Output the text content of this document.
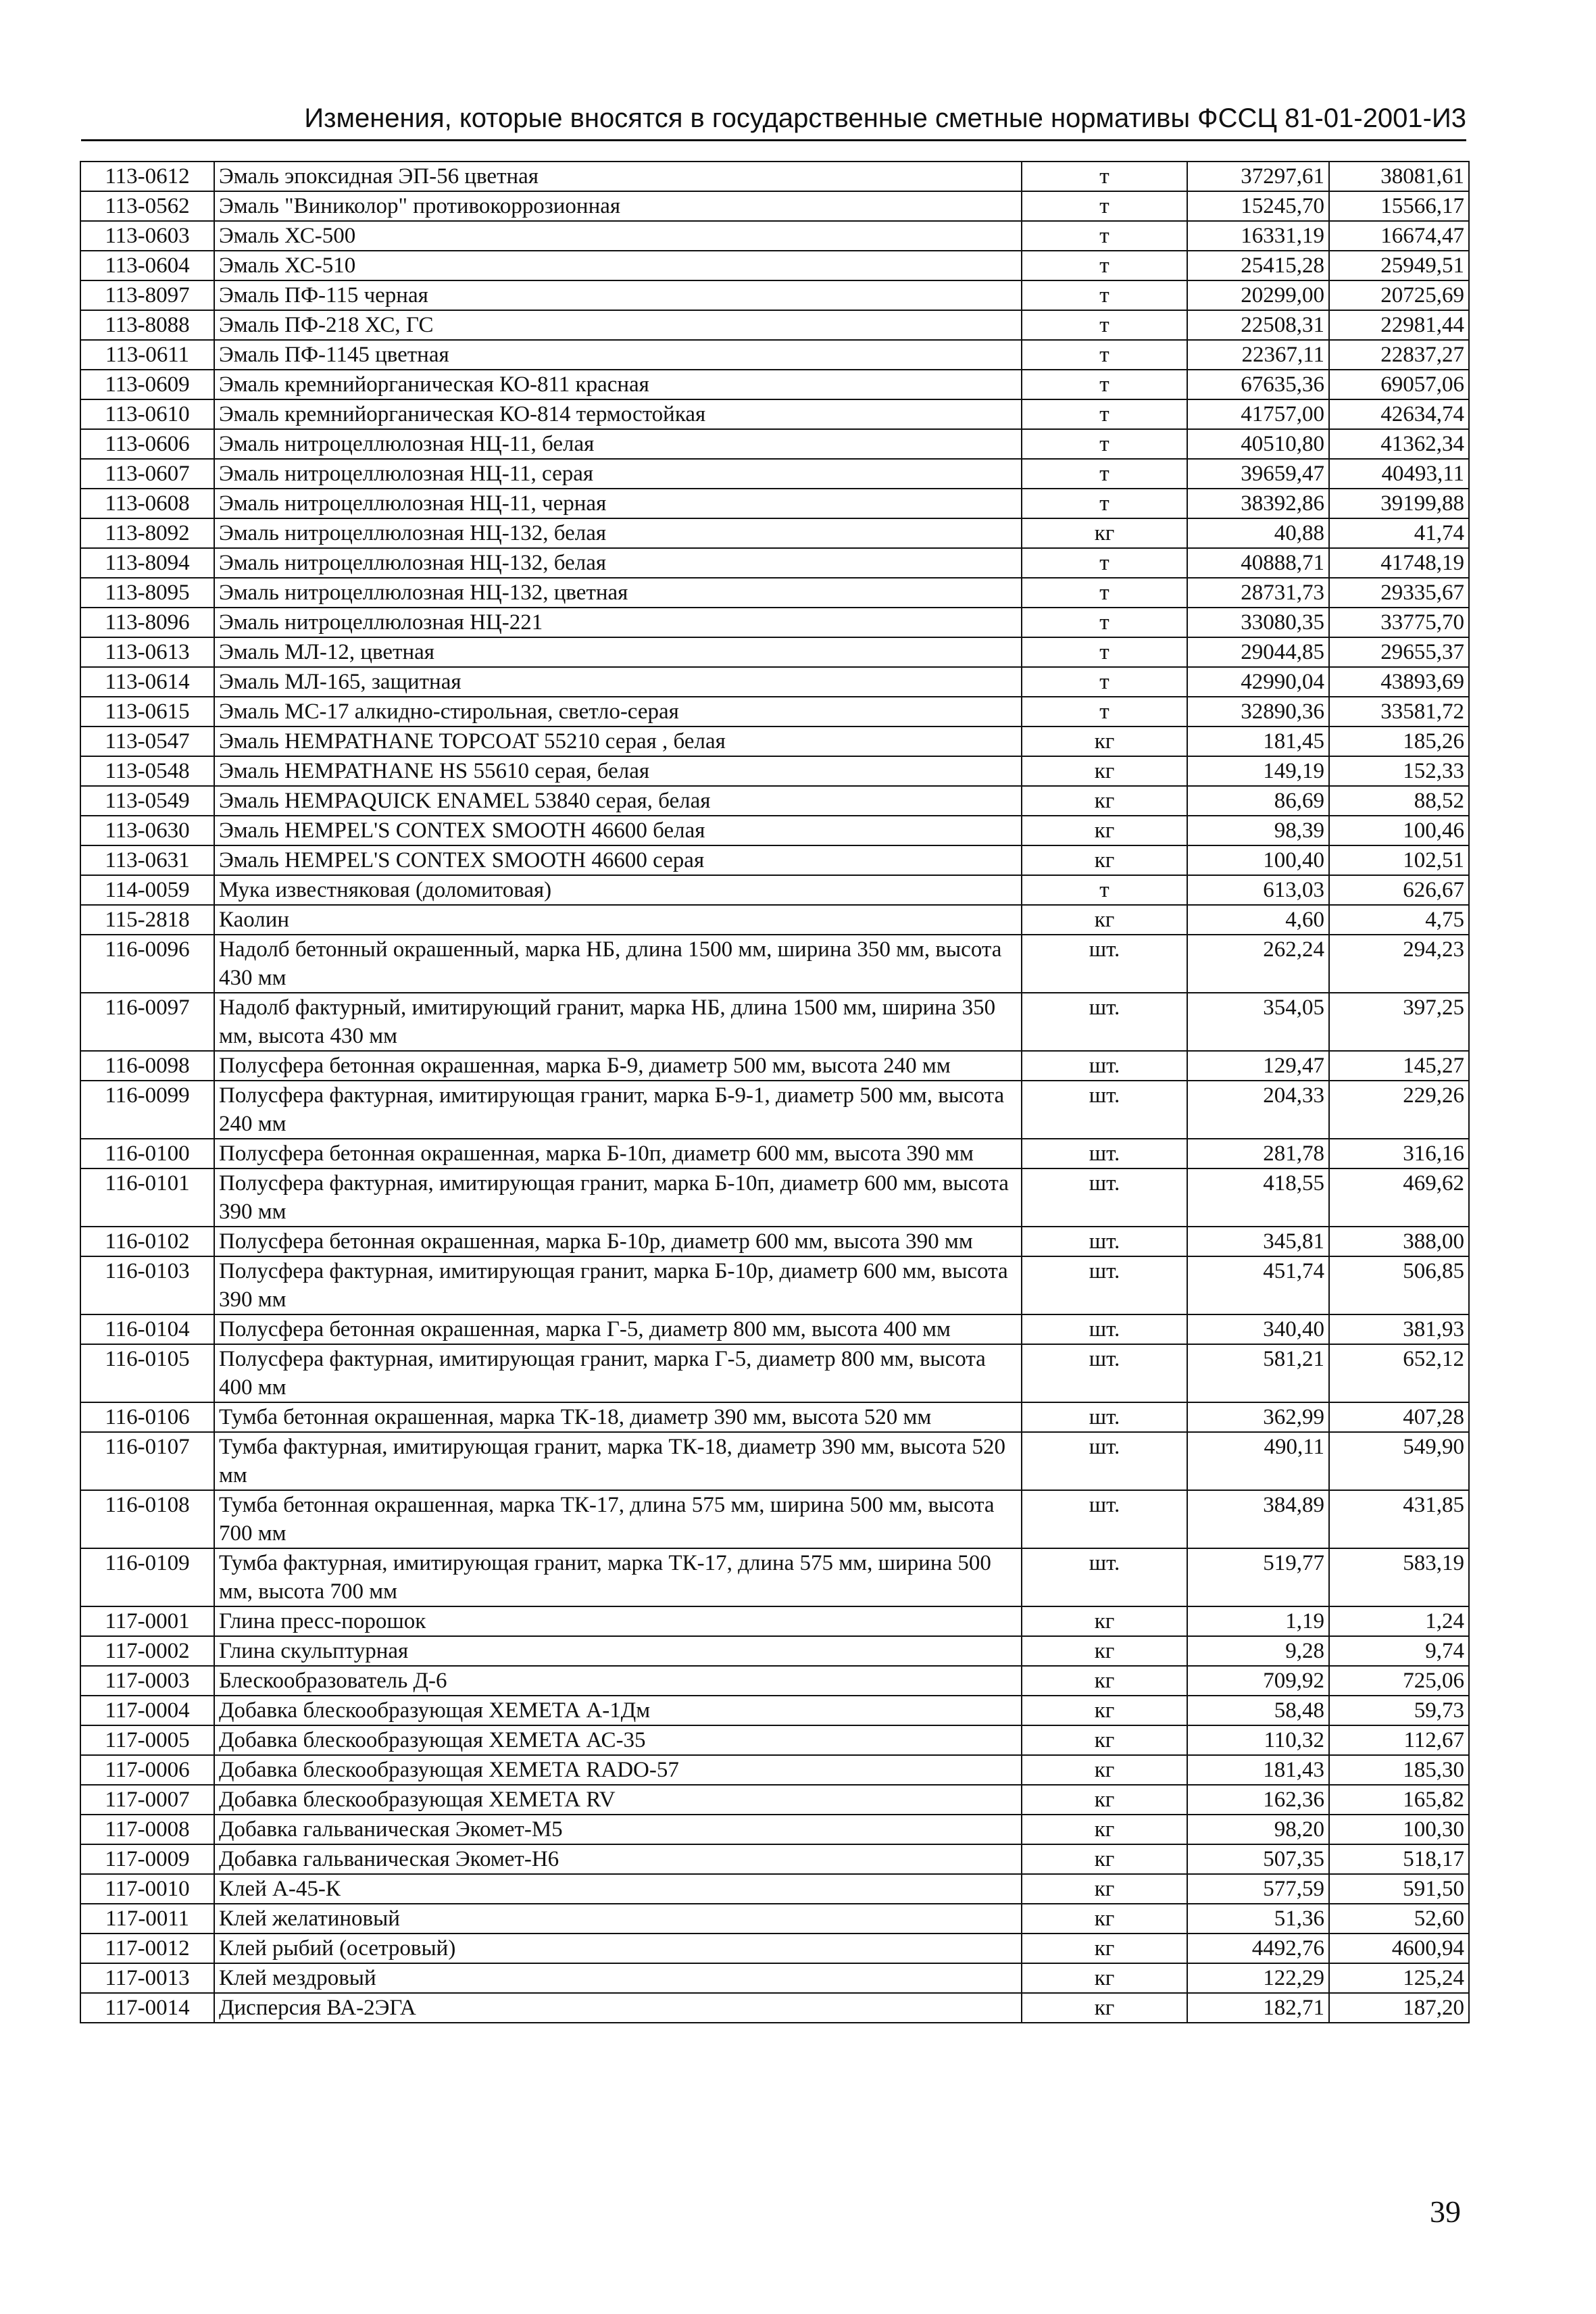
Изменения, которые вносятся в государственные сметные нормативы ФССЦ 81-01-2001-И3
113-0612	Эмаль эпоксидная ЭП-56 цветная	т	37297,61	38081,61
113-0562	Эмаль "Виниколор" противокоррозионная	т	15245,70	15566,17
113-0603	Эмаль ХС-500	т	16331,19	16674,47
113-0604	Эмаль ХС-510	т	25415,28	25949,51
113-8097	Эмаль ПФ-115 черная	т	20299,00	20725,69
113-8088	Эмаль ПФ-218 ХС, ГС	т	22508,31	22981,44
113-0611	Эмаль ПФ-1145 цветная	т	22367,11	22837,27
113-0609	Эмаль кремнийорганическая КО-811 красная	т	67635,36	69057,06
113-0610	Эмаль кремнийорганическая КО-814 термостойкая	т	41757,00	42634,74
113-0606	Эмаль нитроцеллюлозная НЦ-11, белая	т	40510,80	41362,34
113-0607	Эмаль нитроцеллюлозная НЦ-11, серая	т	39659,47	40493,11
113-0608	Эмаль нитроцеллюлозная НЦ-11, черная	т	38392,86	39199,88
113-8092	Эмаль нитроцеллюлозная НЦ-132, белая	кг	40,88	41,74
113-8094	Эмаль нитроцеллюлозная НЦ-132, белая	т	40888,71	41748,19
113-8095	Эмаль нитроцеллюлозная НЦ-132, цветная	т	28731,73	29335,67
113-8096	Эмаль нитроцеллюлозная НЦ-221	т	33080,35	33775,70
113-0613	Эмаль МЛ-12, цветная	т	29044,85	29655,37
113-0614	Эмаль МЛ-165, защитная	т	42990,04	43893,69
113-0615	Эмаль МС-17 алкидно-стирольная, светло-серая	т	32890,36	33581,72
113-0547	Эмаль HEMPATHANE TOPCOAT 55210 серая , белая	кг	181,45	185,26
113-0548	Эмаль HEMPATHANE HS 55610 серая, белая	кг	149,19	152,33
113-0549	Эмаль HEMPAQUICK ENAMEL 53840 серая, белая	кг	86,69	88,52
113-0630	Эмаль HEMPEL'S CONTEX SMOOTH 46600 белая	кг	98,39	100,46
113-0631	Эмаль HEMPEL'S CONTEX SMOOTH 46600 серая	кг	100,40	102,51
114-0059	Мука известняковая (доломитовая)	т	613,03	626,67
115-2818	Каолин	кг	4,60	4,75
116-0096	Надолб бетонный окрашенный, марка НБ, длина 1500 мм, ширина 350 мм, высота 430 мм	шт.	262,24	294,23
116-0097	Надолб фактурный, имитирующий гранит, марка НБ, длина 1500 мм, ширина 350 мм, высота 430 мм	шт.	354,05	397,25
116-0098	Полусфера бетонная окрашенная, марка Б-9, диаметр 500 мм, высота 240 мм	шт.	129,47	145,27
116-0099	Полусфера фактурная, имитирующая гранит, марка Б-9-1, диаметр 500 мм, высота 240 мм	шт.	204,33	229,26
116-0100	Полусфера бетонная окрашенная, марка Б-10п, диаметр 600 мм, высота 390 мм	шт.	281,78	316,16
116-0101	Полусфера фактурная, имитирующая гранит, марка Б-10п, диаметр 600 мм, высота 390 мм	шт.	418,55	469,62
116-0102	Полусфера бетонная окрашенная, марка Б-10р, диаметр 600 мм, высота 390 мм	шт.	345,81	388,00
116-0103	Полусфера фактурная, имитирующая гранит, марка Б-10р, диаметр 600 мм, высота 390 мм	шт.	451,74	506,85
116-0104	Полусфера бетонная окрашенная, марка Г-5, диаметр 800 мм, высота 400 мм	шт.	340,40	381,93
116-0105	Полусфера фактурная, имитирующая гранит, марка Г-5, диаметр 800 мм, высота 400 мм	шт.	581,21	652,12
116-0106	Тумба бетонная окрашенная, марка ТК-18, диаметр 390 мм, высота 520 мм	шт.	362,99	407,28
116-0107	Тумба фактурная, имитирующая гранит, марка ТК-18, диаметр 390 мм, высота 520 мм	шт.	490,11	549,90
116-0108	Тумба бетонная окрашенная, марка ТК-17, длина 575 мм, ширина 500 мм, высота 700 мм	шт.	384,89	431,85
116-0109	Тумба фактурная, имитирующая гранит, марка ТК-17, длина 575 мм, ширина 500 мм, высота 700 мм	шт.	519,77	583,19
117-0001	Глина пресс-порошок	кг	1,19	1,24
117-0002	Глина скульптурная	кг	9,28	9,74
117-0003	Блескообразователь Д-6	кг	709,92	725,06
117-0004	Добавка блескообразующая ХЕМЕТА А-1Дм	кг	58,48	59,73
117-0005	Добавка блескообразующая ХЕМЕТА АС-35	кг	110,32	112,67
117-0006	Добавка блескообразующая ХЕМЕТА RADO-57	кг	181,43	185,30
117-0007	Добавка блескообразующая ХЕМЕТА RV	кг	162,36	165,82
117-0008	Добавка гальваническая Экомет-М5	кг	98,20	100,30
117-0009	Добавка гальваническая Экомет-Н6	кг	507,35	518,17
117-0010	Клей А-45-К	кг	577,59	591,50
117-0011	Клей желатиновый	кг	51,36	52,60
117-0012	Клей рыбий (осетровый)	кг	4492,76	4600,94
117-0013	Клей мездровый	кг	122,29	125,24
117-0014	Дисперсия ВА-2ЭГА	кг	182,71	187,20
39
